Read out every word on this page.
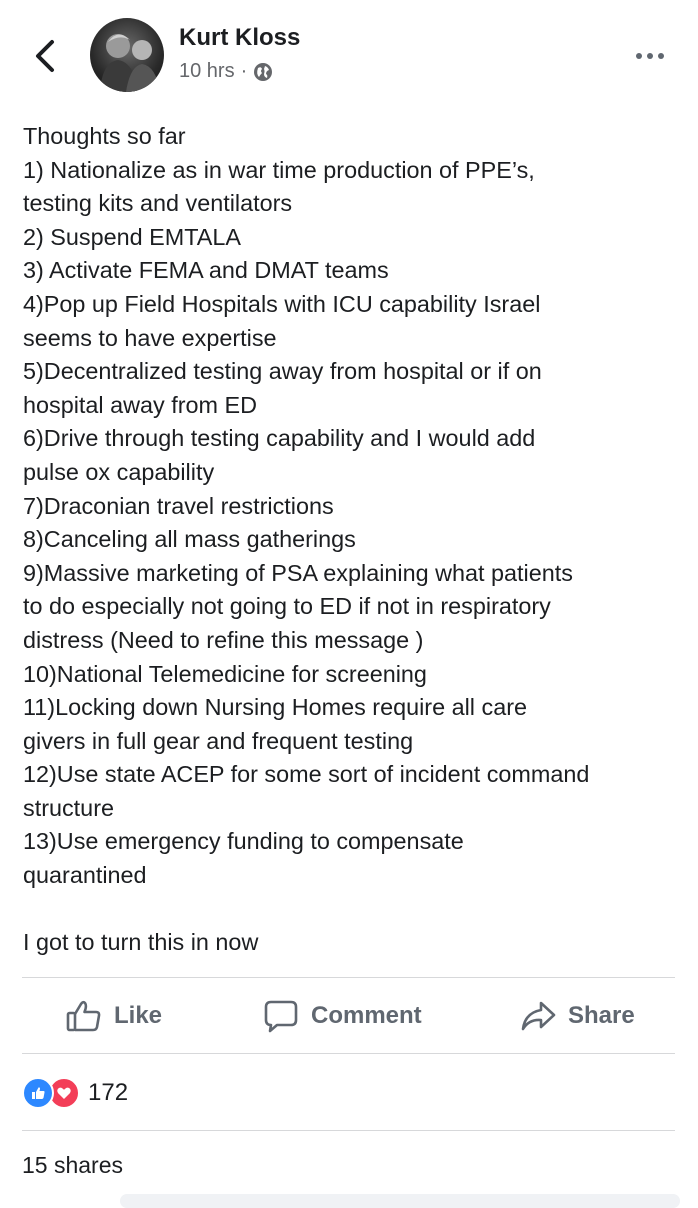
Kurt Kloss
10 hrs ·
Thoughts so far
1) Nationalize as in war time production of PPE’s,
testing kits and ventilators
2) Suspend EMTALA
3) Activate FEMA and DMAT teams
4)Pop up Field Hospitals with ICU capability Israel
seems to have expertise
5)Decentralized testing away from hospital or if on
hospital away from ED
6)Drive through testing capability and I would add
pulse ox capability
7)Draconian travel restrictions
8)Canceling all mass gatherings
9)Massive marketing of PSA explaining what patients
to do especially not going to ED if not in respiratory
distress (Need to refine this message )
10)National Telemedicine for screening
11)Locking down Nursing Homes require all care
givers in full gear and frequent testing
12)Use state ACEP for some sort of incident command
structure
13)Use emergency funding to compensate
quarantined
I got to turn this in now
Like	Comment	Share
172
15 shares
